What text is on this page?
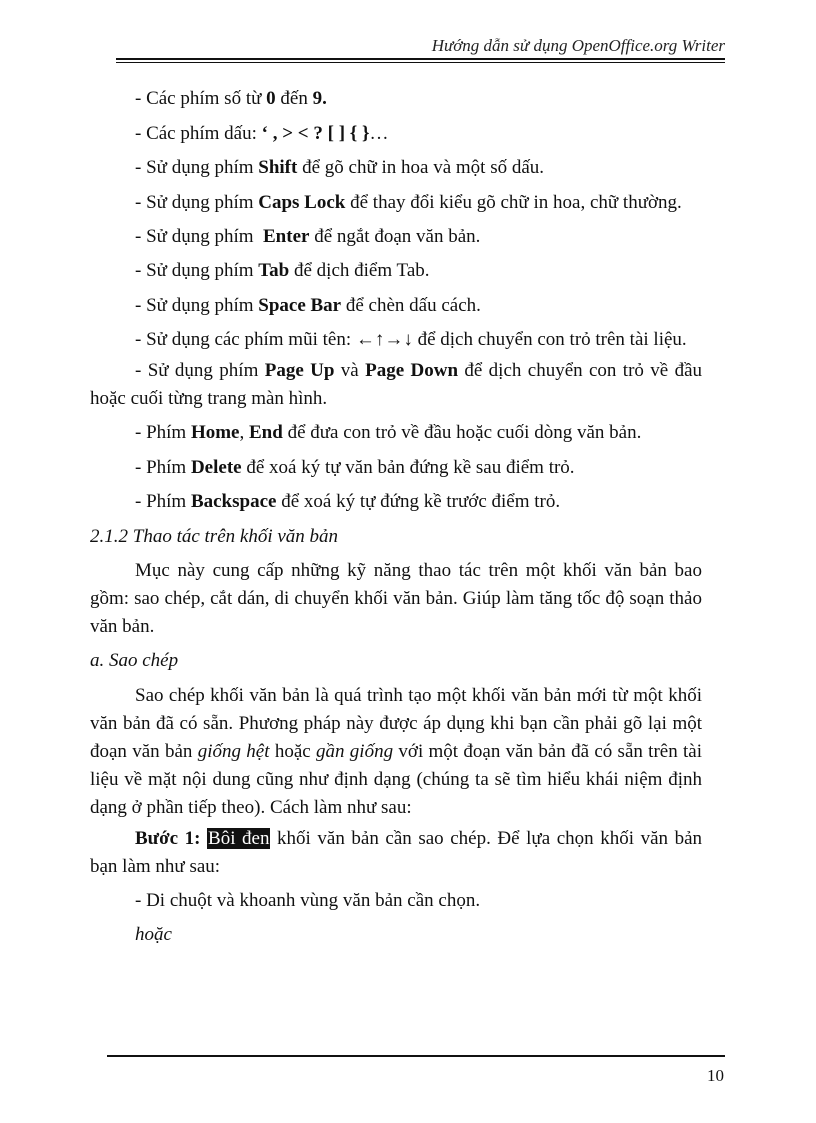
Hướng dẫn sử dụng OpenOffice.org Writer

- Các phím số từ 0 đến 9.

- Các phím dấu: ‘ , > < ? [ ] { }…

- Sử dụng phím Shift để gõ chữ in hoa và một số dấu.

- Sử dụng phím Caps Lock để thay đổi kiểu gõ chữ in hoa, chữ thường.

- Sử dụng phím  Enter để ngắt đoạn văn bản.

- Sử dụng phím Tab để dịch điểm Tab.

- Sử dụng phím Space Bar để chèn dấu cách.

- Sử dụng các phím mũi tên: ←↑→↓ để dịch chuyển con trỏ trên tài liệu.

- Sử dụng phím Page Up và Page Down để dịch chuyển con trỏ về đầu hoặc cuối từng trang màn hình.

- Phím Home, End để đưa con trỏ về đầu hoặc cuối dòng văn bản.

- Phím Delete để xoá ký tự văn bản đứng kề sau điểm trỏ.

- Phím Backspace để xoá ký tự đứng kề trước điểm trỏ.

2.1.2 Thao tác trên khối văn bản

Mục này cung cấp những kỹ năng thao tác trên một khối văn bản bao gồm: sao chép, cắt dán, di chuyển khối văn bản. Giúp làm tăng tốc độ soạn thảo văn bản.

a. Sao chép

Sao chép khối văn bản là quá trình tạo một khối văn bản mới từ một khối văn bản đã có sẵn. Phương pháp này được áp dụng khi bạn cần phải gõ lại một đoạn văn bản giống hệt hoặc gần giống với một đoạn văn bản đã có sẵn trên tài liệu về mặt nội dung cũng như định dạng (chúng ta sẽ tìm hiểu khái niệm định dạng ở phần tiếp theo). Cách làm như sau:

Bước 1: Bôi đen khối văn bản cần sao chép. Để lựa chọn khối văn bản bạn làm như sau:

- Di chuột và khoanh vùng văn bản cần chọn.

hoặc

10
